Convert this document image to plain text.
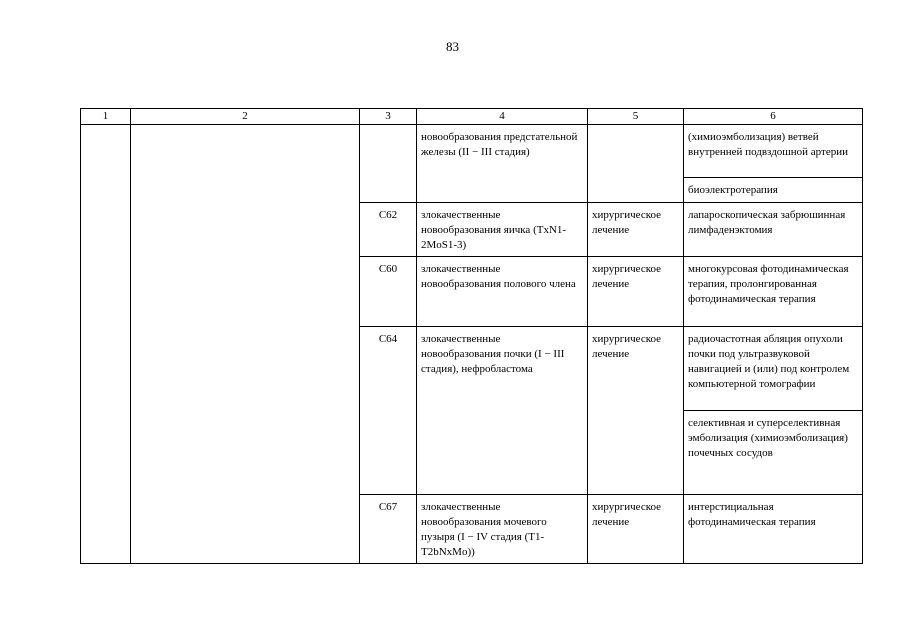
83
1	2	3	4	5	6
			новообразования предстательной железы (II − III стадия)		(химиоэмболизация) ветвей внутренней подвздошной артерии
					биоэлектротерапия
		C62	злокачественные новообразования яичка (TxN1-2MoS1-3)	хирургическое лечение	лапароскопическая забрюшинная лимфаденэктомия
		C60	злокачественные новообразования полового члена	хирургическое лечение	многокурсовая фотодинамическая терапия, пролонгированная фотодинамическая терапия
		C64	злокачественные новообразования почки (I − III стадия), нефробластома	хирургическое лечение	радиочастотная абляция опухоли почки под ультразвуковой навигацией и (или) под контролем компьютерной томографии
					селективная и суперселективная эмболизация (химиоэмболизация) почечных сосудов
		C67	злокачественные новообразования мочевого пузыря (I − IV стадия (T1-T2bNxMo))	хирургическое лечение	интерстициальная фотодинамическая терапия
